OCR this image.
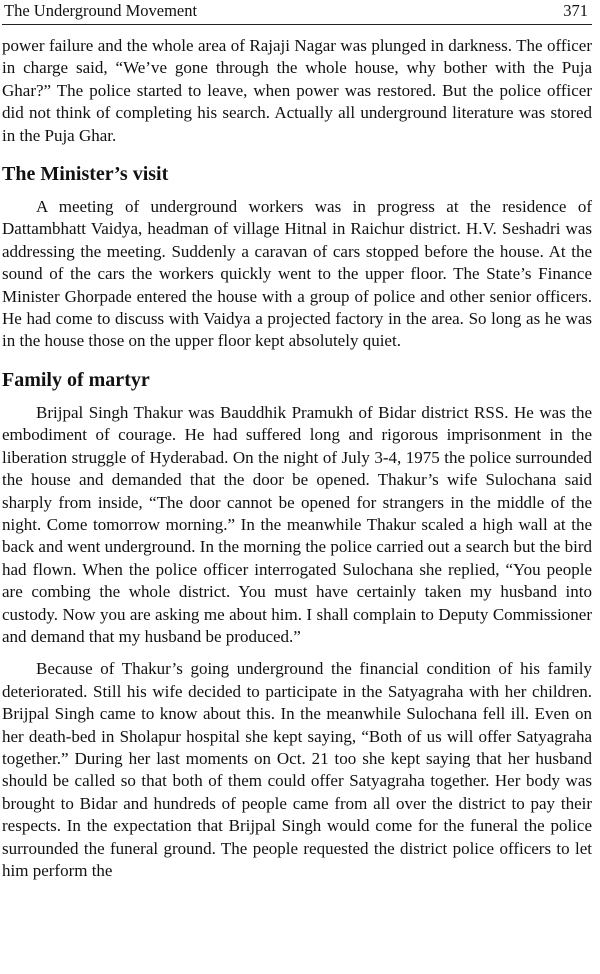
The Underground Movement	371

power failure and the whole area of Rajaji Nagar was plunged in darkness. The officer in charge said, “We’ve gone through the whole house, why bother with the Puja Ghar?” The police started to leave, when power was restored. But the police officer did not think of completing his search. Actually all underground literature was stored in the Puja Ghar.

The Minister’s visit

A meeting of underground workers was in progress at the residence of Dattambhatt Vaidya, headman of village Hitnal in Raichur district. H.V. Seshadri was addressing the meeting. Suddenly a caravan of cars stopped before the house. At the sound of the cars the workers quickly went to the upper floor. The State’s Finance Minister Ghorpade entered the house with a group of police and other senior officers. He had come to discuss with Vaidya a projected factory in the area. So long as he was in the house those on the upper floor kept absolutely quiet.

Family of martyr

Brijpal Singh Thakur was Bauddhik Pramukh of Bidar district RSS. He was the embodiment of courage. He had suffered long and rigorous imprisonment in the liberation struggle of Hyderabad. On the night of July 3-4, 1975 the police surrounded the house and demanded that the door be opened. Thakur’s wife Sulochana said sharply from inside, “The door cannot be opened for strangers in the middle of the night. Come tomorrow morning.” In the meanwhile Thakur scaled a high wall at the back and went underground. In the morning the police carried out a search but the bird had flown. When the police officer interrogated Sulochana she replied, “You people are combing the whole district. You must have certainly taken my husband into custody. Now you are asking me about him. I shall complain to Deputy Commissioner and demand that my husband be produced.”

Because of Thakur’s going underground the financial condition of his family deteriorated. Still his wife decided to participate in the Satyagraha with her children. Brijpal Singh came to know about this. In the meanwhile Sulochana fell ill. Even on her death-bed in Sholapur hospital she kept saying, “Both of us will offer Satyagraha together.” During her last moments on Oct. 21 too she kept saying that her husband should be called so that both of them could offer Satyagraha together. Her body was brought to Bidar and hundreds of people came from all over the district to pay their respects. In the expectation that Brijpal Singh would come for the funeral the police surrounded the funeral ground. The people requested the district police officers to let him perform the
